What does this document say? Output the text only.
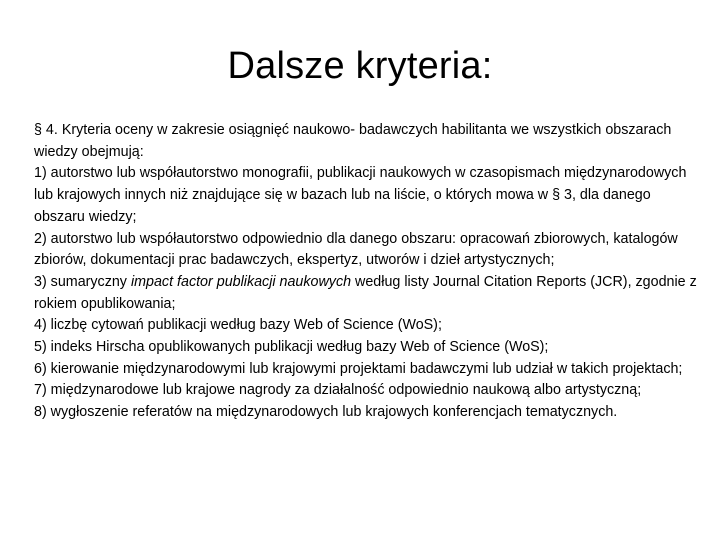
Dalsze kryteria:

§ 4. Kryteria oceny w zakresie osiągnięć naukowo- badawczych habilitanta we wszystkich obszarach wiedzy obejmują:

1) autorstwo lub współautorstwo monografii, publikacji naukowych w czasopismach międzynarodowych lub krajowych innych niż znajdujące się w bazach lub na liście, o których mowa w § 3, dla danego obszaru wiedzy;

2) autorstwo lub współautorstwo odpowiednio dla danego obszaru: opracowań zbiorowych, katalogów zbiorów, dokumentacji prac badawczych, ekspertyz, utworów i dzieł artystycznych;

3) sumaryczny impact factor publikacji naukowych według listy Journal Citation Reports (JCR), zgodnie z rokiem opublikowania;

4) liczbę cytowań publikacji według bazy Web of Science (WoS);

5) indeks Hirscha opublikowanych publikacji według bazy Web of Science (WoS);

6) kierowanie międzynarodowymi lub krajowymi projektami badawczymi lub udział w takich projektach;

7) międzynarodowe lub krajowe nagrody za działalność odpowiednio naukową albo artystyczną;

8) wygłoszenie referatów na międzynarodowych lub krajowych konferencjach tematycznych.
